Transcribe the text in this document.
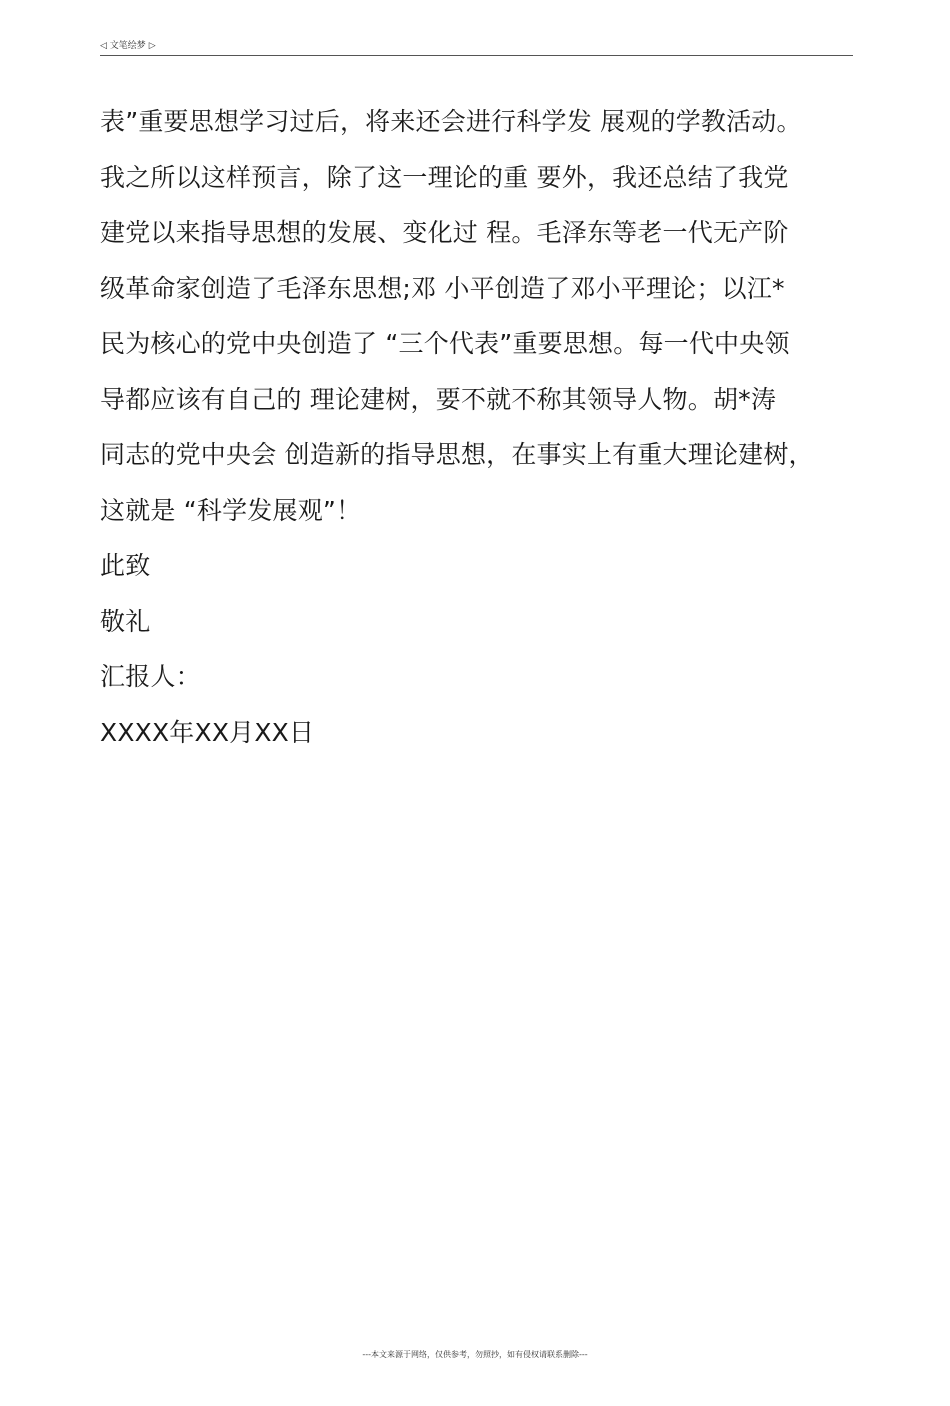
◁ 文笔绘梦 ▷
表”重要思想学习过后，将来还会进行科学发 展观的学教活动。
我之所以这样预言，除了这一理论的重 要外，我还总结了我党
建党以来指导思想的发展、变化过 程。毛泽东等老一代无产阶
级革命家创造了毛泽东思想;邓 小平创造了邓小平理论；以江*
民为核心的党中央创造了 “三个代表”重要思想。每一代中央领
导都应该有自己的 理论建树，要不就不称其领导人物。胡*涛
同志的党中央会 创造新的指导思想，在事实上有重大理论建树，
这就是 “科学发展观”！
此致
敬礼
汇报人：
XXXX年XX月XX日
---本文来源于网络，仅供参考，勿照抄，如有侵权请联系删除---
